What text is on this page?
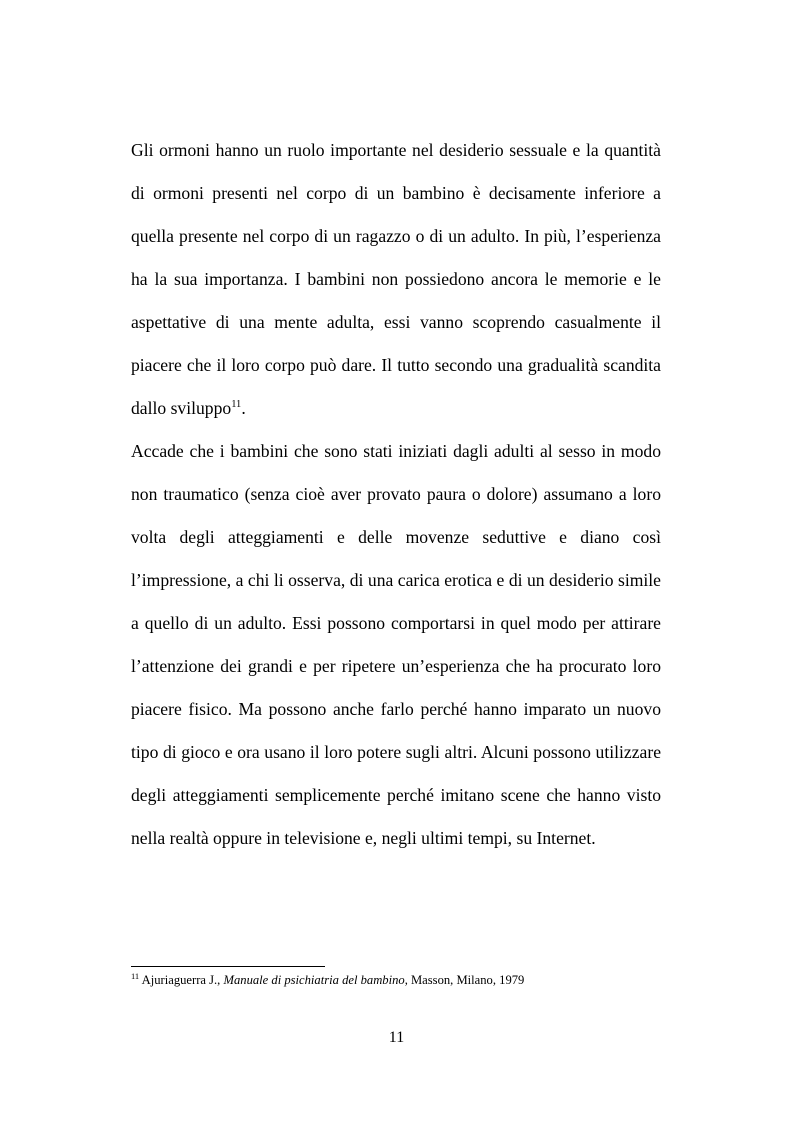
Gli ormoni hanno un ruolo importante nel desiderio sessuale e la quantità di ormoni presenti nel corpo di un bambino è decisamente inferiore a quella presente nel corpo di un ragazzo o di un adulto. In più, l’esperienza ha la sua importanza. I bambini non possiedono ancora le memorie e le aspettative di una mente adulta, essi vanno scoprendo casualmente il piacere che il loro corpo può dare. Il tutto secondo una gradualità scandita dallo sviluppo$^{11}$.

Accade che i bambini che sono stati iniziati dagli adulti al sesso in modo non traumatico (senza cioè aver provato paura o dolore) assumano a loro volta degli atteggiamenti e delle movenze seduttive e diano così l’impressione, a chi li osserva, di una carica erotica e di un desiderio simile a quello di un adulto. Essi possono comportarsi in quel modo per attirare l’attenzione dei grandi e per ripetere un’esperienza che ha procurato loro piacere fisico. Ma possono anche farlo perché hanno imparato un nuovo tipo di gioco e ora usano il loro potere sugli altri. Alcuni possono utilizzare degli atteggiamenti semplicemente perché imitano scene che hanno visto nella realtà oppure in televisione e, negli ultimi tempi, su Internet.

$^{11}$ Ajuriaguerra J., Manuale di psichiatria del bambino, Masson, Milano, 1979
11
